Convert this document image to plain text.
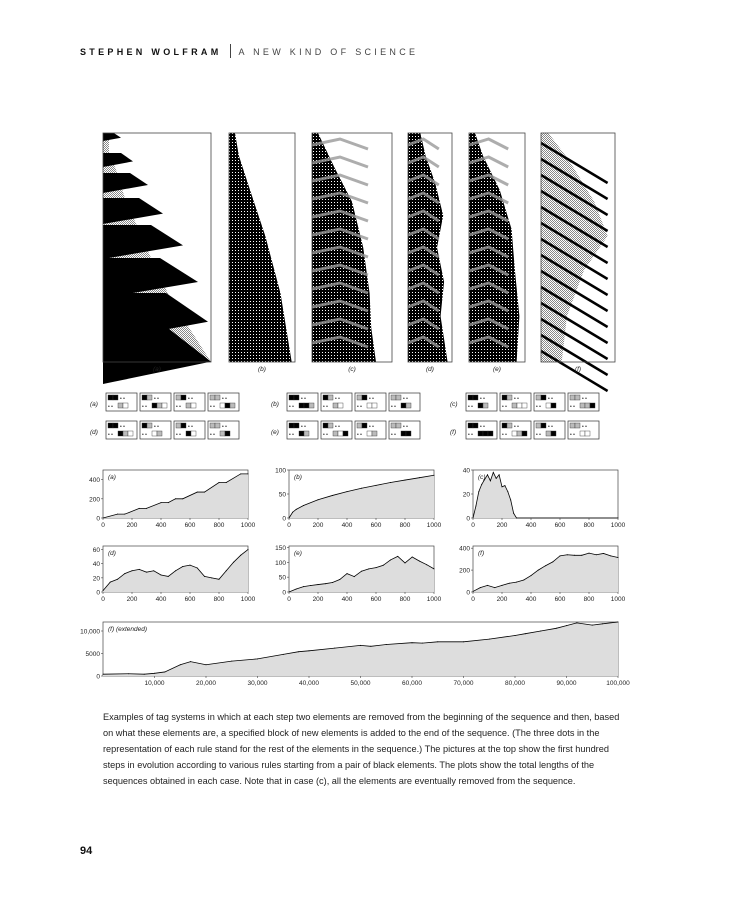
STEPHEN WOLFRAM A NEW KIND OF SCIENCE
(a)	(b)	(c)	(d)	(e)	(f)
(a)
• •
• •
• •
• •
• •
• •
• •
• •	(b)
• •
• •
• •
• •
• •
• •
• •
• •	(c)
• •
• •
• •
• •
• •
• •
• •
• •
(d)
• •
• •
• •
• •
• •
• •
• •
• •	(e)
• •
• •
• •
• •
• •
• •
• •
• •	(f)
• •
• •
• •
• •
• •
• •
• •
• •
(a)
0	200	400	600	800	1000
0
200
400	(b)
0	200	400	600	800	1000
0
50
100
(c)
0	200	400	600	800	1000
0
20
40
(d)
0	200	400	600	800	1000
0
20
40
60	(e)
0	200	400	600	800	1000
0
50
100
150
(f)
0	200	400	600	800	1000
0
200
400
(f) (extended)
10,000	20,000	30,000	40,000	50,000	60,000	70,000	80,000	90,000	100,000
0
5000
10,000

Examples of tag systems in which at each step two elements are removed from the beginning of the sequence and then, based on what these elements are, a specified block of new elements is added to the end of the sequence. (The three dots in the representation of each rule stand for the rest of the elements in the sequence.) The pictures at the top show the first hundred steps in evolution according to various rules starting from a pair of black elements. The plots show the total lengths of the sequences obtained in each case. Note that in case (c), all the elements are eventually removed from the sequence.

94
